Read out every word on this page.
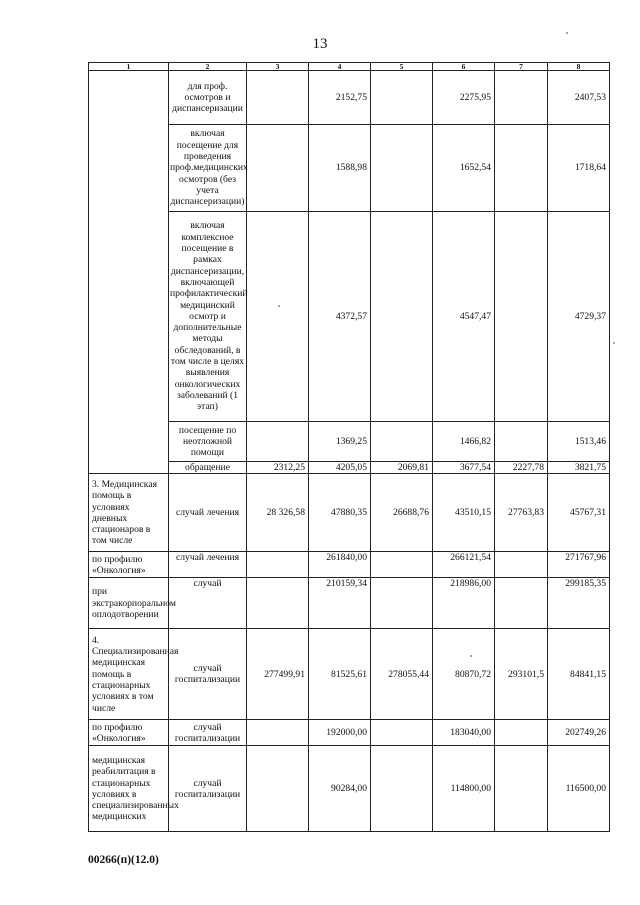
13
1	2	3	4	5	6	7	8
	для проф. осмотров и диспансеризации		2152,75		2275,95		2407,53
	включая посещение для проведения проф.медицинских осмотров (без учета диспансеризации)		1588,98		1652,54		1718,64
	включая комплексное посещение в рамках диспансеризации, включающей профилактический медицинский осмотр и дополнительные методы обследований, в том числе в целях выявления онкологических заболеваний (1 этап)		4372,57		4547,47		4729,37
	посещение по неотложной помощи		1369,25		1466,82		1513,46
	обращение	2312,25	4205,05	2069,81	3677,54	2227,78	3821,75
3. Медицинская помощь в условиях дневных стационаров в том числе	случай лечения	28 326,58	47880,35	26688,76	43510,15	27763,83	45767,31
по профилю «Онкология»	случай лечения		261840,00		266121,54		271767,96
при экстракорпоральном оплодотворении	случай		210159,34		218986,00		299185,35
4. Специализированная медицинская помощь в стационарных условиях в том числе	случай госпитализации	277499,91	81525,61	278055,44	80870,72	293101,5	84841,15
по профилю «Онкология»	случай госпитализации		192000,00		183040,00		202749,26
медицинская реабилитация в стационарных условиях в специализированных медицинских	случай госпитализации		90284,00		114800,00		116500,00
00266(п)(12.0)
